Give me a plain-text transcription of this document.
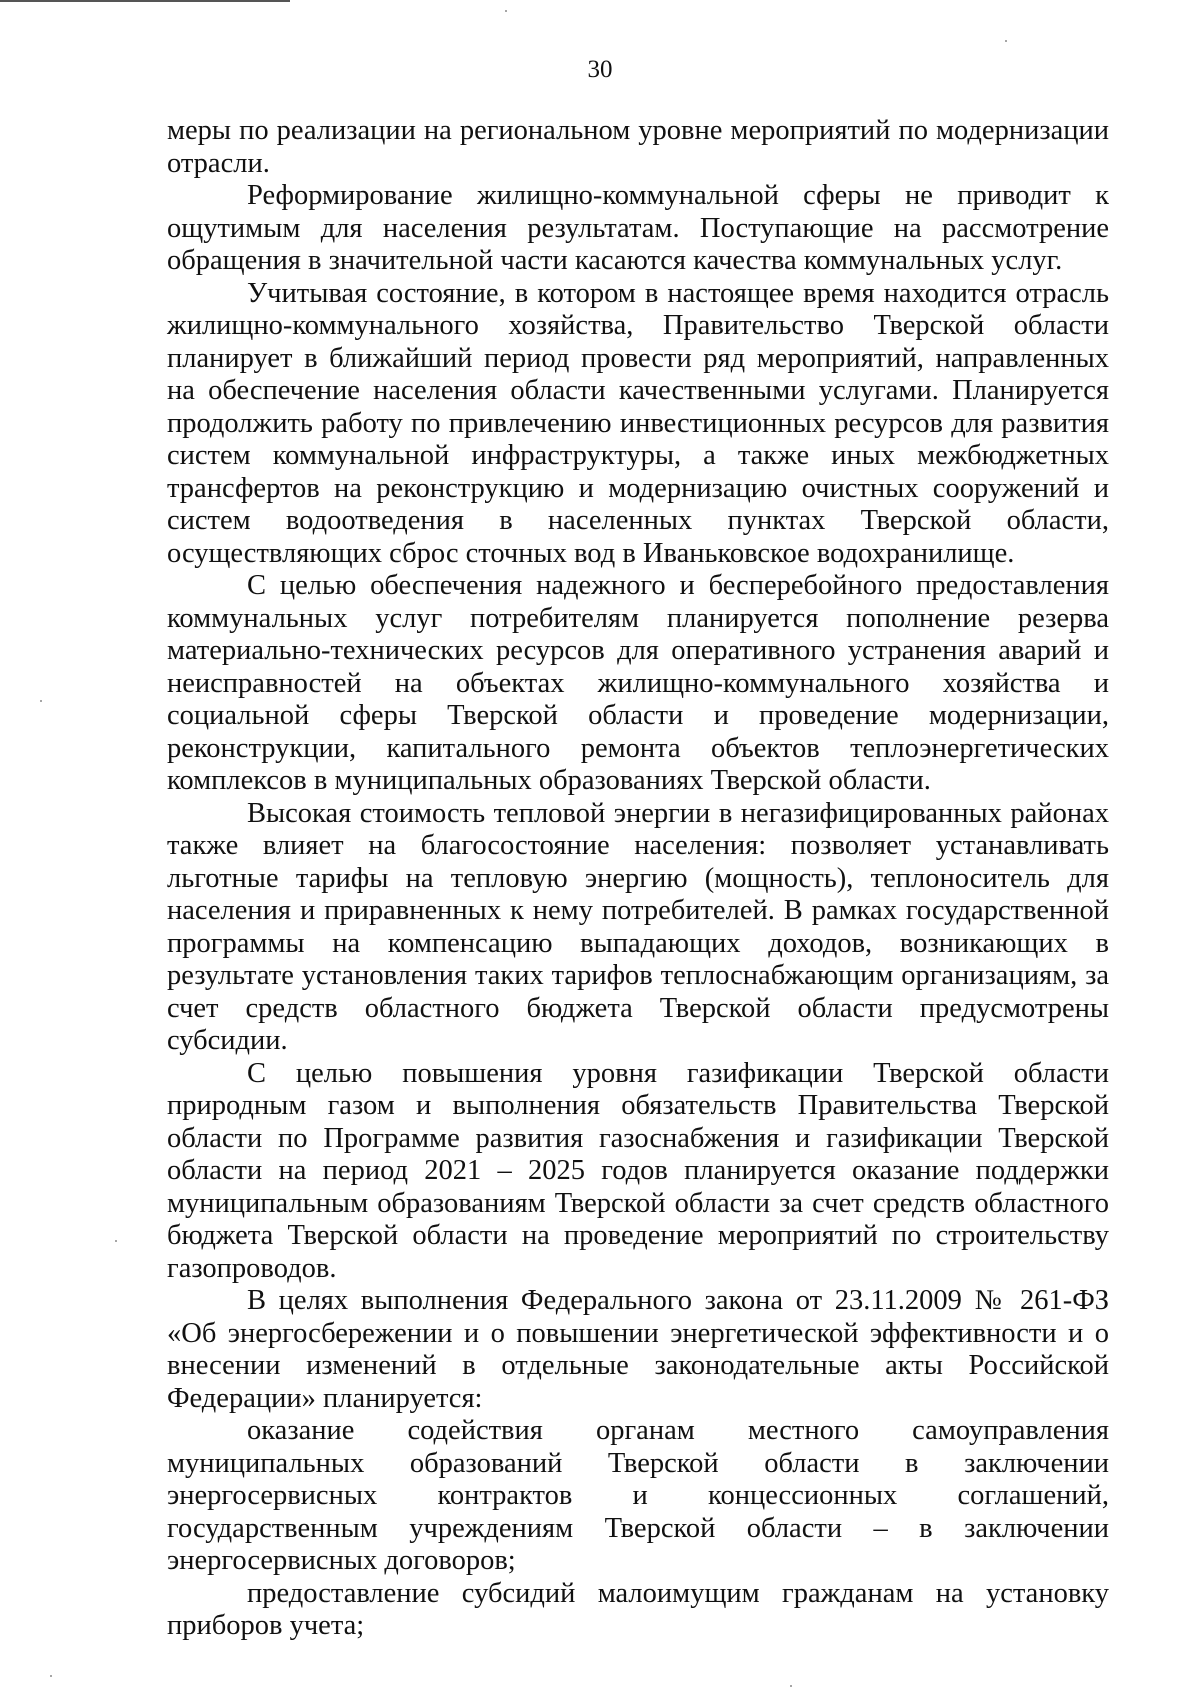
30

меры по реализации на региональном уровне мероприятий по модернизации отрасли.

Реформирование жилищно-коммунальной сферы не приводит к ощутимым для населения результатам. Поступающие на рассмотрение обращения в значительной части касаются качества коммунальных услуг.

Учитывая состояние, в котором в настоящее время находится отрасль жилищно-коммунального хозяйства, Правительство Тверской области планирует в ближайший период провести ряд мероприятий, направленных на обеспечение населения области качественными услугами. Планируется продолжить работу по привлечению инвестиционных ресурсов для развития систем коммунальной инфраструктуры, а также иных межбюджетных трансфертов на реконструкцию и модернизацию очистных сооружений и систем водоотведения в населенных пунктах Тверской области, осуществляющих сброс сточных вод в Иваньковское водохранилище.

С целью обеспечения надежного и бесперебойного предоставления коммунальных услуг потребителям планируется пополнение резерва материально-технических ресурсов для оперативного устранения аварий и неисправностей на объектах жилищно-коммунального хозяйства и социальной сферы Тверской области и проведение модернизации, реконструкции, капитального ремонта объектов теплоэнергетических комплексов в муниципальных образованиях Тверской области.

Высокая стоимость тепловой энергии в негазифицированных районах также влияет на благосостояние населения: позволяет устанавливать льготные тарифы на тепловую энергию (мощность), теплоноситель для населения и приравненных к нему потребителей. В рамках государственной программы на компенсацию выпадающих доходов, возникающих в результате установления таких тарифов теплоснабжающим организациям, за счет средств областного бюджета Тверской области предусмотрены субсидии.

С целью повышения уровня газификации Тверской области природным газом и выполнения обязательств Правительства Тверской области по Программе развития газоснабжения и газификации Тверской области на период 2021 – 2025 годов планируется оказание поддержки муниципальным образованиям Тверской области за счет средств областного бюджета Тверской области на проведение мероприятий по строительству газопроводов.

В целях выполнения Федерального закона от 23.11.2009 № 261-ФЗ «Об энергосбережении и о повышении энергетической эффективности и о внесении изменений в отдельные законодательные акты Российской Федерации» планируется:

оказание содействия органам местного самоуправления муниципальных образований Тверской области в заключении энергосервисных контрактов и концессионных соглашений, государственным учреждениям Тверской области – в заключении энергосервисных договоров;

предоставление субсидий малоимущим гражданам на установку приборов учета;
